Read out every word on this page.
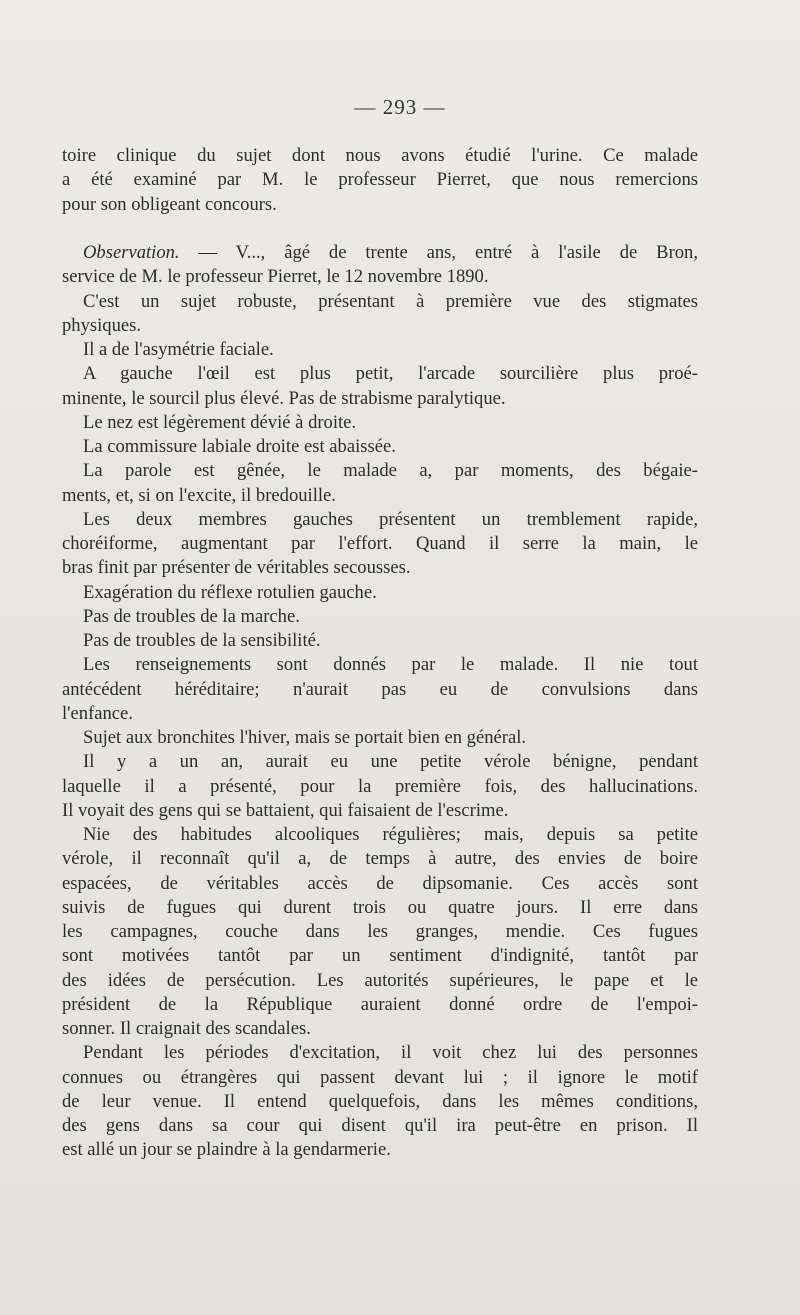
— 293 —
toire clinique du sujet dont nous avons étudié l'urine. Ce malade
a été examiné par M. le professeur Pierret, que nous remercions
pour son obligeant concours.
Observation. — V..., âgé de trente ans, entré à l'asile de Bron,
service de M. le professeur Pierret, le 12 novembre 1890.
C'est un sujet robuste, présentant à première vue des stigmates
physiques.
Il a de l'asymétrie faciale.
A gauche l'œil est plus petit, l'arcade sourcilière plus proé-
minente, le sourcil plus élevé. Pas de strabisme paralytique.
Le nez est légèrement dévié à droite.
La commissure labiale droite est abaissée.
La parole est gênée, le malade a, par moments, des bégaie-
ments, et, si on l'excite, il bredouille.
Les deux membres gauches présentent un tremblement rapide,
choréiforme, augmentant par l'effort. Quand il serre la main, le
bras finit par présenter de véritables secousses.
Exagération du réflexe rotulien gauche.
Pas de troubles de la marche.
Pas de troubles de la sensibilité.
Les renseignements sont donnés par le malade. Il nie tout
antécédent héréditaire; n'aurait pas eu de convulsions dans
l'enfance.
Sujet aux bronchites l'hiver, mais se portait bien en général.
Il y a un an, aurait eu une petite vérole bénigne, pendant
laquelle il a présenté, pour la première fois, des hallucinations.
Il voyait des gens qui se battaient, qui faisaient de l'escrime.
Nie des habitudes alcooliques régulières; mais, depuis sa petite
vérole, il reconnaît qu'il a, de temps à autre, des envies de boire
espacées, de véritables accès de dipsomanie. Ces accès sont
suivis de fugues qui durent trois ou quatre jours. Il erre dans
les campagnes, couche dans les granges, mendie. Ces fugues
sont motivées tantôt par un sentiment d'indignité, tantôt par
des idées de persécution. Les autorités supérieures, le pape et le
président de la République auraient donné ordre de l'empoi-
sonner. Il craignait des scandales.
Pendant les périodes d'excitation, il voit chez lui des personnes
connues ou étrangères qui passent devant lui ; il ignore le motif
de leur venue. Il entend quelquefois, dans les mêmes conditions,
des gens dans sa cour qui disent qu'il ira peut-être en prison. Il
est allé un jour se plaindre à la gendarmerie.
